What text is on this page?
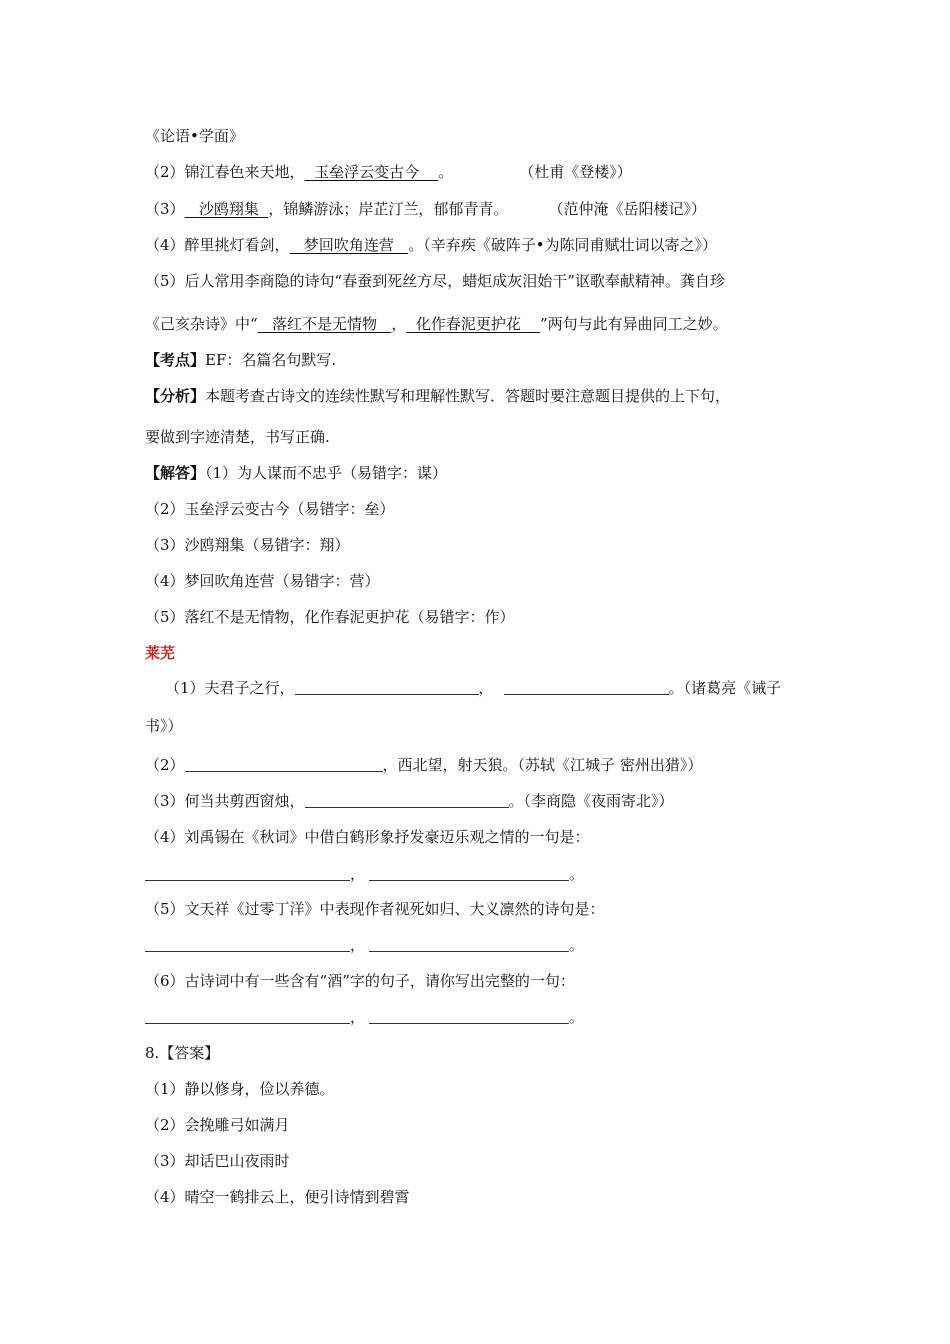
《论语•学面》
（2）锦江春色来天地， 玉垒浮云变古今 。	（杜甫《登楼》）
（3） 沙鸥翔集 ，锦鳞游泳；岸芷汀兰，郁郁青青。	（范仲淹《岳阳楼记》）
（4）醉里挑灯看剑， 梦回吹角连营 。（辛弃疾《破阵子•为陈同甫赋壮词以寄之》）
（5）后人常用李商隐的诗句“春蚕到死丝方尽，蜡炬成灰泪始干”讴歌奉献精神。龚自珍
《己亥杂诗》中“ 落红不是无情物 ， 化作春泥更护花 ”两句与此有异曲同工之妙。
【考点】EF：名篇名句默写.
【分析】本题考查古诗文的连续性默写和理解性默写．答题时要注意题目提供的上下句，
要做到字迹清楚，书写正确.
【解答】（1）为人谋而不忠乎（易错字：谋）
（2）玉垒浮云变古今（易错字：垒）
（3）沙鸥翔集（易错字：翔）
（4）梦回吹角连营（易错字：营）
（5）落红不是无情物，化作春泥更护花（易错字：作）
莱芜
（1）夫君子之行，	，	。（诸葛亮《诫子
书》）
（2）	，西北望，射天狼。（苏轼《江城子 密州出猎》）
（3）何当共剪西窗烛，	。（李商隐《夜雨寄北》）
（4）刘禹锡在《秋词》中借白鹤形象抒发豪迈乐观之情的一句是：
，	。
（5）文天祥《过零丁洋》中表现作者视死如归、大义凛然的诗句是：
，	。
（6）古诗词中有一些含有“酒”字的句子，请你写出完整的一句：
，	。
8.【答案】
（1）静以修身，俭以养德。
（2）会挽雕弓如满月
（3）却话巴山夜雨时
（4）晴空一鹤排云上，便引诗情到碧霄
